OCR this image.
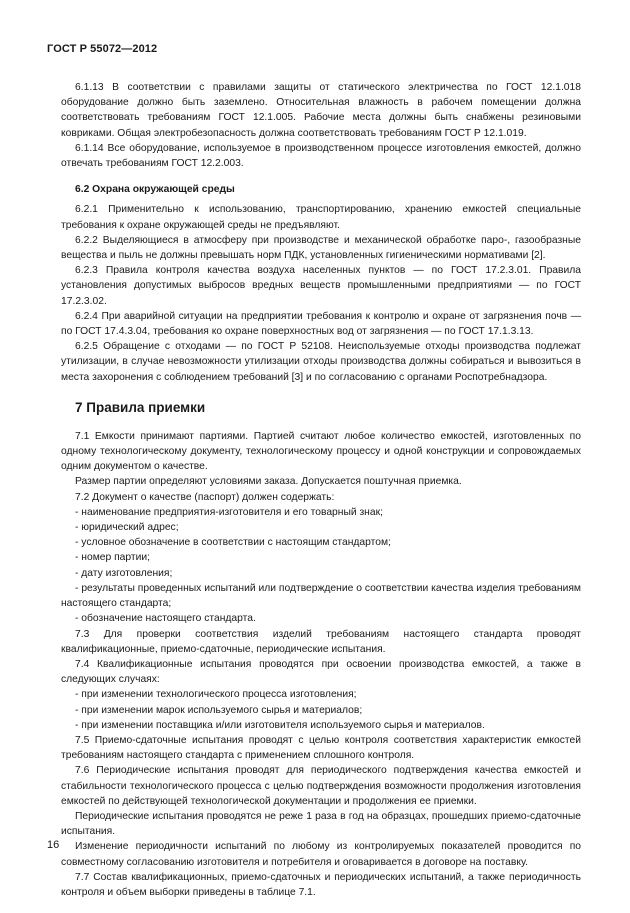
ГОСТ Р 55072—2012
6.1.13 В соответствии с правилами защиты от статического электричества по ГОСТ 12.1.018 оборудование должно быть заземлено. Относительная влажность в рабочем помещении должна соответствовать требованиям ГОСТ 12.1.005. Рабочие места должны быть снабжены резиновыми ковриками. Общая электробезопасность должна соответствовать требованиям ГОСТ Р 12.1.019.
6.1.14 Все оборудование, используемое в производственном процессе изготовления емкостей, должно отвечать требованиям ГОСТ 12.2.003.
6.2 Охрана окружающей среды
6.2.1 Применительно к использованию, транспортированию, хранению емкостей специальные требования к охране окружающей среды не предъявляют.
6.2.2 Выделяющиеся в атмосферу при производстве и механической обработке паро-, газообразные вещества и пыль не должны превышать норм ПДК, установленных гигиеническими нормативами [2].
6.2.3 Правила контроля качества воздуха населенных пунктов — по ГОСТ 17.2.3.01. Правила установления допустимых выбросов вредных веществ промышленными предприятиями — по ГОСТ 17.2.3.02.
6.2.4 При аварийной ситуации на предприятии требования к контролю и охране от загрязнения почв — по ГОСТ 17.4.3.04, требования ко охране поверхностных вод от загрязнения — по ГОСТ 17.1.3.13.
6.2.5 Обращение с отходами — по ГОСТ Р 52108. Неиспользуемые отходы производства подлежат утилизации, в случае невозможности утилизации отходы производства должны собираться и вывозиться в места захоронения с соблюдением требований [3] и по согласованию с органами Роспотребнадзора.
7 Правила приемки
7.1 Емкости принимают партиями. Партией считают любое количество емкостей, изготовленных по одному технологическому документу, технологическому процессу и одной конструкции и сопровождаемых одним документом о качестве.
Размер партии определяют условиями заказа. Допускается поштучная приемка.
7.2 Документ о качестве (паспорт) должен содержать:
- наименование предприятия-изготовителя и его товарный знак;
- юридический адрес;
- условное обозначение в соответствии с настоящим стандартом;
- номер партии;
- дату изготовления;
- результаты проведенных испытаний или подтверждение о соответствии качества изделия требованиям настоящего стандарта;
- обозначение настоящего стандарта.
7.3 Для проверки соответствия изделий требованиям настоящего стандарта проводят квалификационные, приемо-сдаточные, периодические испытания.
7.4 Квалификационные испытания проводятся при освоении производства емкостей, а также в следующих случаях:
- при изменении технологического процесса изготовления;
- при изменении марок используемого сырья и материалов;
- при изменении поставщика и/или изготовителя используемого сырья и материалов.
7.5 Приемо-сдаточные испытания проводят с целью контроля соответствия характеристик емкостей требованиям настоящего стандарта с применением сплошного контроля.
7.6 Периодические испытания проводят для периодического подтверждения качества емкостей и стабильности технологического процесса с целью подтверждения возможности продолжения изготовления емкостей по действующей технологической документации и продолжения ее приемки.
Периодические испытания проводятся не реже 1 раза в год на образцах, прошедших приемо-сдаточные испытания.
Изменение периодичности испытаний по любому из контролируемых показателей проводится по совместному согласованию изготовителя и потребителя и оговаривается в договоре на поставку.
7.7 Состав квалификационных, приемо-сдаточных и периодических испытаний, а также периодичность контроля и объем выборки приведены в таблице 7.1.
16
